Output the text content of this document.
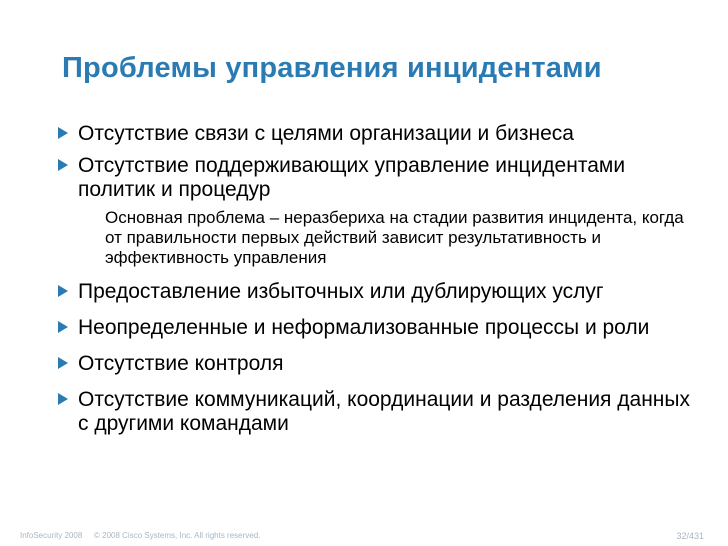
Проблемы управления инцидентами
Отсутствие связи с целями организации и бизнеса
Отсутствие поддерживающих управление инцидентами политик и процедур
Основная проблема – неразбериха на стадии развития инцидента, когда от правильности первых действий зависит результативность и эффективность управления
Предоставление избыточных или дублирующих услуг
Неопределенные и неформализованные процессы и роли
Отсутствие контроля
Отсутствие коммуникаций, координации и разделения данных с другими командами
InfoSecurity 2008 © 2008 Cisco Systems, Inc. All rights reserved.	32/431
